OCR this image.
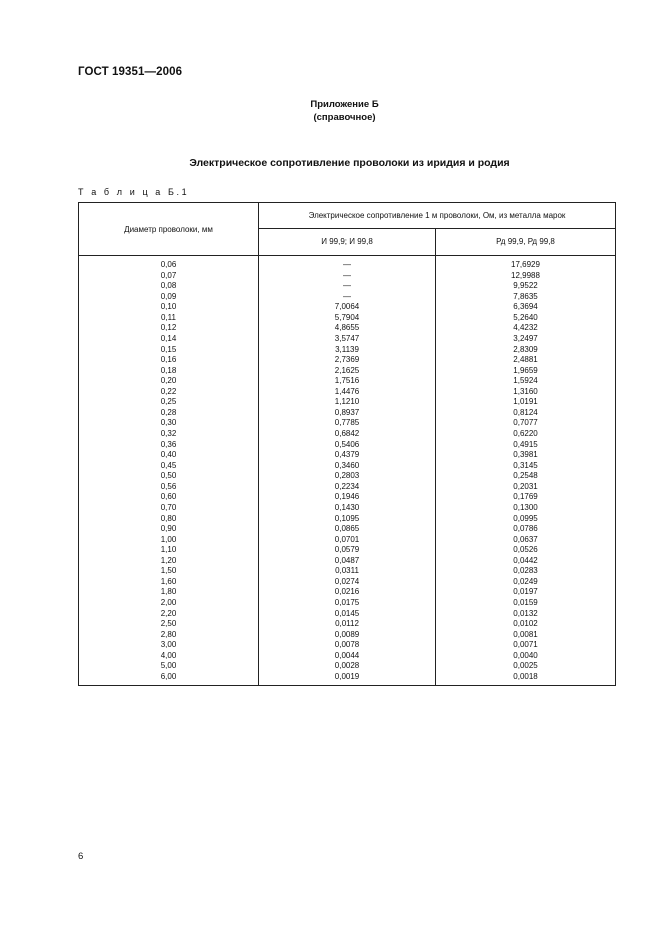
ГОСТ 19351—2006
Приложение Б
(справочное)
Электрическое сопротивление проволоки из иридия и родия
Т а б л и ц а Б.1
Диаметр проволоки, мм	Электрическое сопротивление 1 м проволоки, Ом, из металла марок	
	И 99,9; И 99,8	Рд 99,9, Рд 99,8
0,06	—	17,6929
0,07	—	12,9988
0,08	—	9,9522
0,09	—	7,8635
0,10	7,0064	6,3694
0,11	5,7904	5,2640
0,12	4,8655	4,4232
0,14	3,5747	3,2497
0,15	3,1139	2,8309
0,16	2,7369	2,4881
0,18	2,1625	1,9659
0,20	1,7516	1,5924
0,22	1,4476	1,3160
0,25	1,1210	1,0191
0,28	0,8937	0,8124
0,30	0,7785	0,7077
0,32	0,6842	0,6220
0,36	0,5406	0,4915
0,40	0,4379	0,3981
0,45	0,3460	0,3145
0,50	0,2803	0,2548
0,56	0,2234	0,2031
0,60	0,1946	0,1769
0,70	0,1430	0,1300
0,80	0,1095	0,0995
0,90	0,0865	0,0786
1,00	0,0701	0,0637
1,10	0,0579	0,0526
1,20	0,0487	0,0442
1,50	0,0311	0,0283
1,60	0,0274	0,0249
1,80	0,0216	0,0197
2,00	0,0175	0,0159
2,20	0,0145	0,0132
2,50	0,0112	0,0102
2,80	0,0089	0,0081
3,00	0,0078	0,0071
4,00	0,0044	0,0040
5,00	0,0028	0,0025
6,00	0,0019	0,0018
6
